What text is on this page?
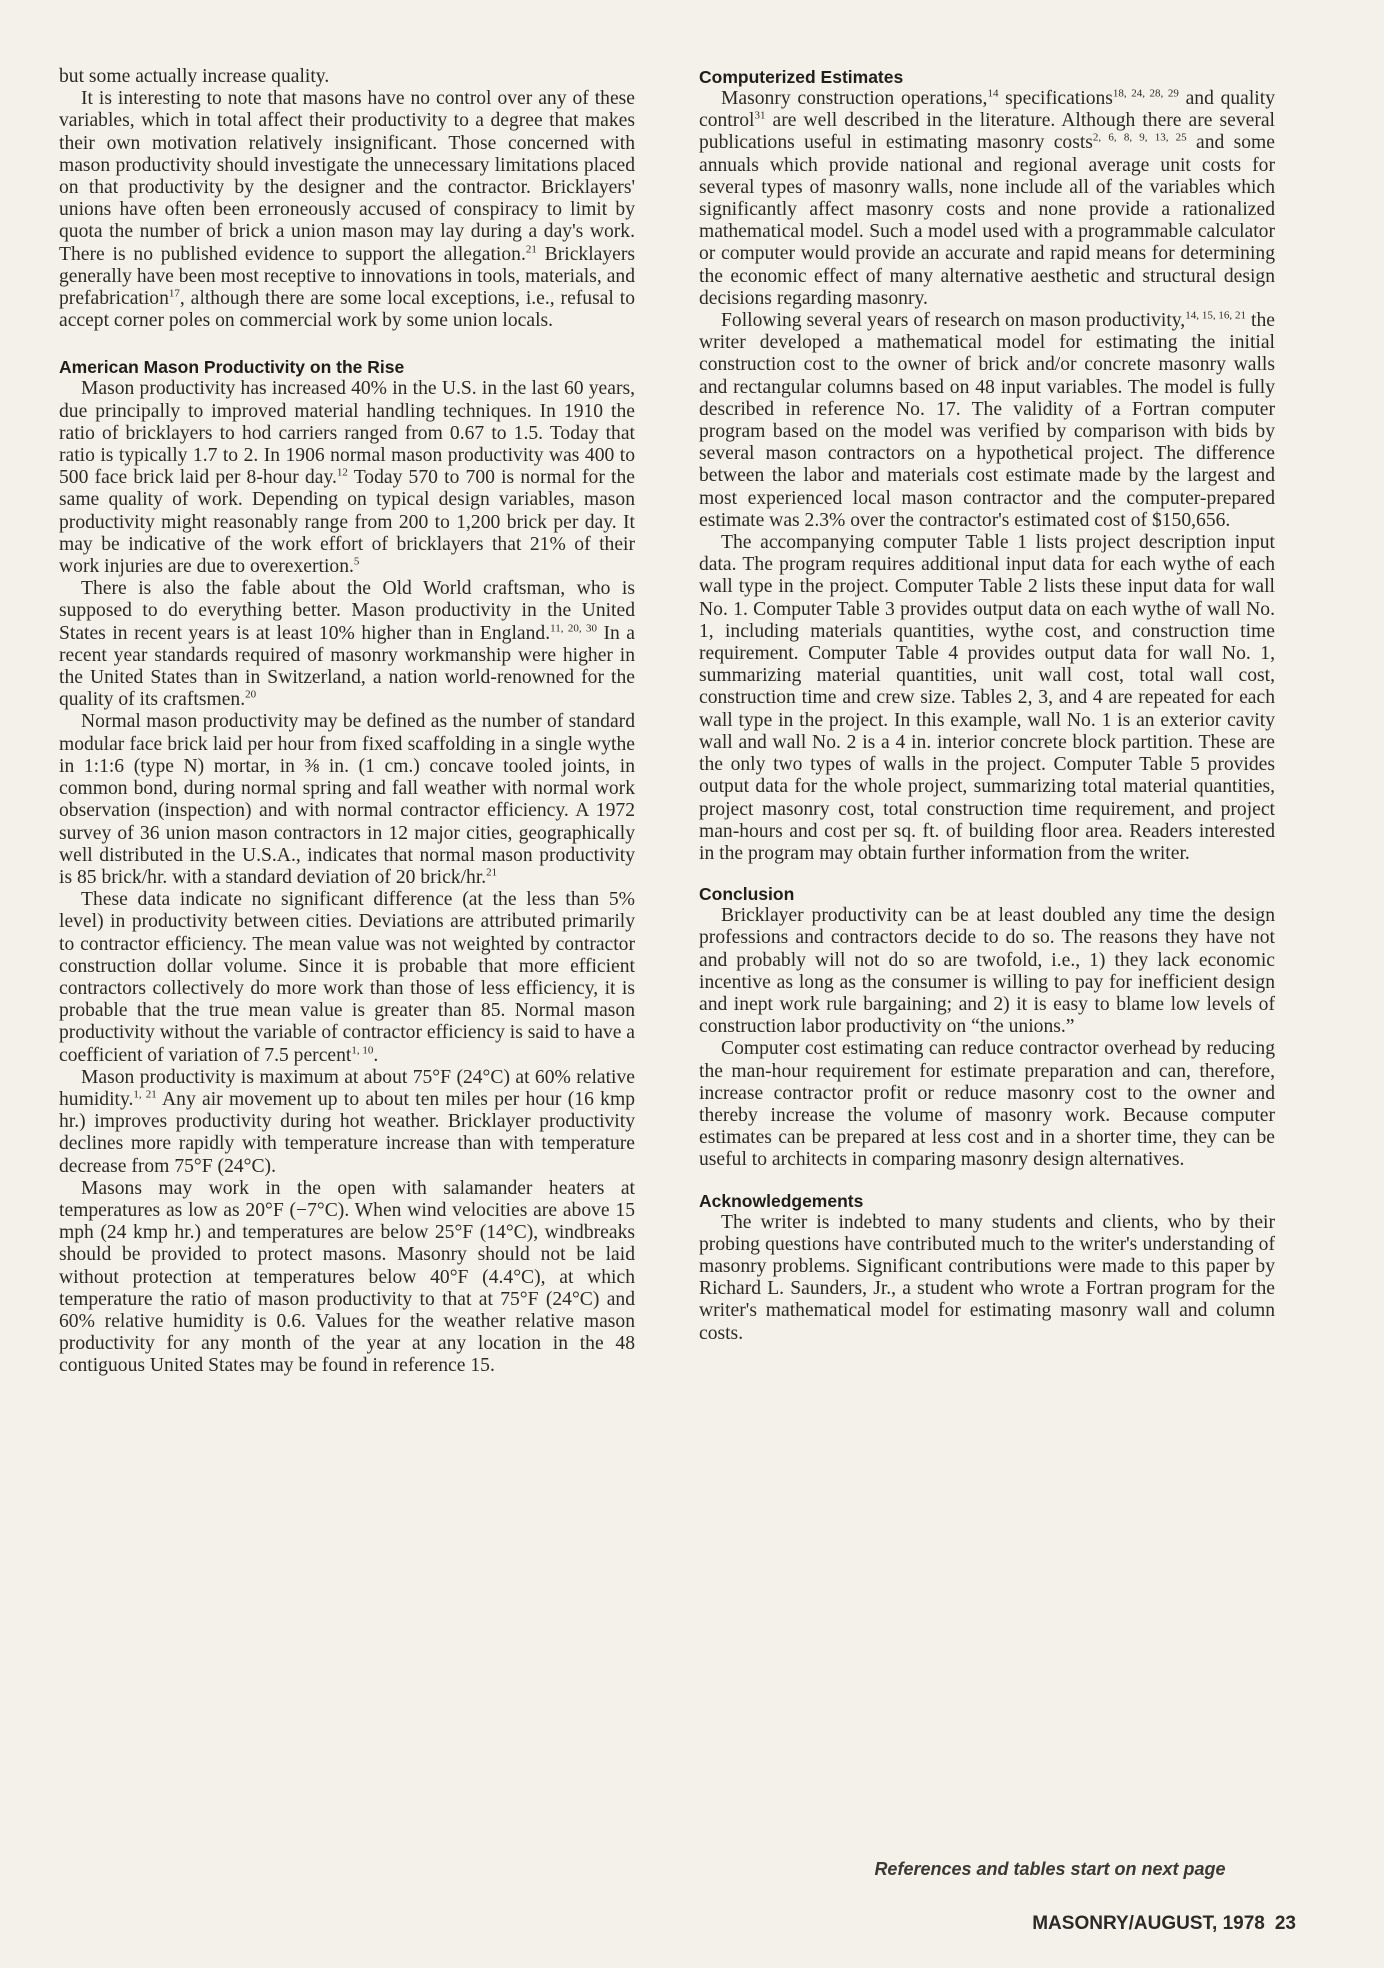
but some actually increase quality.

It is interesting to note that masons have no control over any of these variables, which in total affect their productivity to a degree that makes their own motivation relatively insignificant. Those concerned with mason productivity should investigate the unnecessary limitations placed on that productivity by the designer and the contractor. Bricklayers' unions have often been erroneously accused of conspiracy to limit by quota the number of brick a union mason may lay during a day's work. There is no published evidence to support the allegation.$^{21}$ Bricklayers generally have been most receptive to innovations in tools, materials, and prefabrication$^{17}$, although there are some local exceptions, i.e., refusal to accept corner poles on commercial work by some union locals.

American Mason Productivity on the Rise

Mason productivity has increased 40% in the U.S. in the last 60 years, due principally to improved material handling techniques. In 1910 the ratio of bricklayers to hod carriers ranged from 0.67 to 1.5. Today that ratio is typically 1.7 to 2. In 1906 normal mason productivity was 400 to 500 face brick laid per 8-hour day.$^{12}$ Today 570 to 700 is normal for the same quality of work. Depending on typical design variables, mason productivity might reasonably range from 200 to 1,200 brick per day. It may be indicative of the work effort of bricklayers that 21% of their work injuries are due to overexertion.$^5$

There is also the fable about the Old World craftsman, who is supposed to do everything better. Mason productivity in the United States in recent years is at least 10% higher than in England.$^{11, 20, 30}$ In a recent year standards required of masonry workmanship were higher in the United States than in Switzerland, a nation world-renowned for the quality of its craftsmen.$^{20}$

Normal mason productivity may be defined as the number of standard modular face brick laid per hour from fixed scaffolding in a single wythe in 1:1:6 (type N) mortar, in ⅜ in. (1 cm.) concave tooled joints, in common bond, during normal spring and fall weather with normal work observation (inspection) and with normal contractor efficiency. A 1972 survey of 36 union mason contractors in 12 major cities, geographically well distributed in the U.S.A., indicates that normal mason productivity is 85 brick/hr. with a standard deviation of 20 brick/hr.$^{21}$

These data indicate no significant difference (at the less than 5% level) in productivity between cities. Deviations are attributed primarily to contractor efficiency. The mean value was not weighted by contractor construction dollar volume. Since it is probable that more efficient contractors collectively do more work than those of less efficiency, it is probable that the true mean value is greater than 85. Normal mason productivity without the variable of contractor efficiency is said to have a coefficient of variation of 7.5 percent$^{1, 10}$.

Mason productivity is maximum at about 75°F (24°C) at 60% relative humidity.$^{1, 21}$ Any air movement up to about ten miles per hour (16 kmp hr.) improves productivity during hot weather. Bricklayer productivity declines more rapidly with temperature increase than with temperature decrease from 75°F (24°C).

Masons may work in the open with salamander heaters at temperatures as low as 20°F (−7°C). When wind velocities are above 15 mph (24 kmp hr.) and temperatures are below 25°F (14°C), windbreaks should be provided to protect masons. Masonry should not be laid without protection at temperatures below 40°F (4.4°C), at which temperature the ratio of mason productivity to that at 75°F (24°C) and 60% relative humidity is 0.6. Values for the weather relative mason productivity for any month of the year at any location in the 48 contiguous United States may be found in reference 15.

Computerized Estimates

Masonry construction operations,$^{14}$ specifications$^{18, 24, 28, 29}$ and quality control$^{31}$ are well described in the literature. Although there are several publications useful in estimating masonry costs$^{2, 6, 8, 9, 13, 25}$ and some annuals which provide national and regional average unit costs for several types of masonry walls, none include all of the variables which significantly affect masonry costs and none provide a rationalized mathematical model. Such a model used with a programmable calculator or computer would provide an accurate and rapid means for determining the economic effect of many alternative aesthetic and structural design decisions regarding masonry.

Following several years of research on mason productivity,$^{14, 15, 16, 21}$ the writer developed a mathematical model for estimating the initial construction cost to the owner of brick and/or concrete masonry walls and rectangular columns based on 48 input variables. The model is fully described in reference No. 17. The validity of a Fortran computer program based on the model was verified by comparison with bids by several mason contractors on a hypothetical project. The difference between the labor and materials cost estimate made by the largest and most experienced local mason contractor and the computer-prepared estimate was 2.3% over the contractor's estimated cost of $150,656.

The accompanying computer Table 1 lists project description input data. The program requires additional input data for each wythe of each wall type in the project. Computer Table 2 lists these input data for wall No. 1. Computer Table 3 provides output data on each wythe of wall No. 1, including materials quantities, wythe cost, and construction time requirement. Computer Table 4 provides output data for wall No. 1, summarizing material quantities, unit wall cost, total wall cost, construction time and crew size. Tables 2, 3, and 4 are repeated for each wall type in the project. In this example, wall No. 1 is an exterior cavity wall and wall No. 2 is a 4 in. interior concrete block partition. These are the only two types of walls in the project. Computer Table 5 provides output data for the whole project, summarizing total material quantities, project masonry cost, total construction time requirement, and project man-hours and cost per sq. ft. of building floor area. Readers interested in the program may obtain further information from the writer.

Conclusion

Bricklayer productivity can be at least doubled any time the design professions and contractors decide to do so. The reasons they have not and probably will not do so are twofold, i.e., 1) they lack economic incentive as long as the consumer is willing to pay for inefficient design and inept work rule bargaining; and 2) it is easy to blame low levels of construction labor productivity on “the unions.”

Computer cost estimating can reduce contractor overhead by reducing the man-hour requirement for estimate preparation and can, therefore, increase contractor profit or reduce masonry cost to the owner and thereby increase the volume of masonry work. Because computer estimates can be prepared at less cost and in a shorter time, they can be useful to architects in comparing masonry design alternatives.

Acknowledgements

The writer is indebted to many students and clients, who by their probing questions have contributed much to the writer's understanding of masonry problems. Significant contributions were made to this paper by Richard L. Saunders, Jr., a student who wrote a Fortran program for the writer's mathematical model for estimating masonry wall and column costs.

References and tables start on next page
MASONRY/AUGUST, 1978 23
